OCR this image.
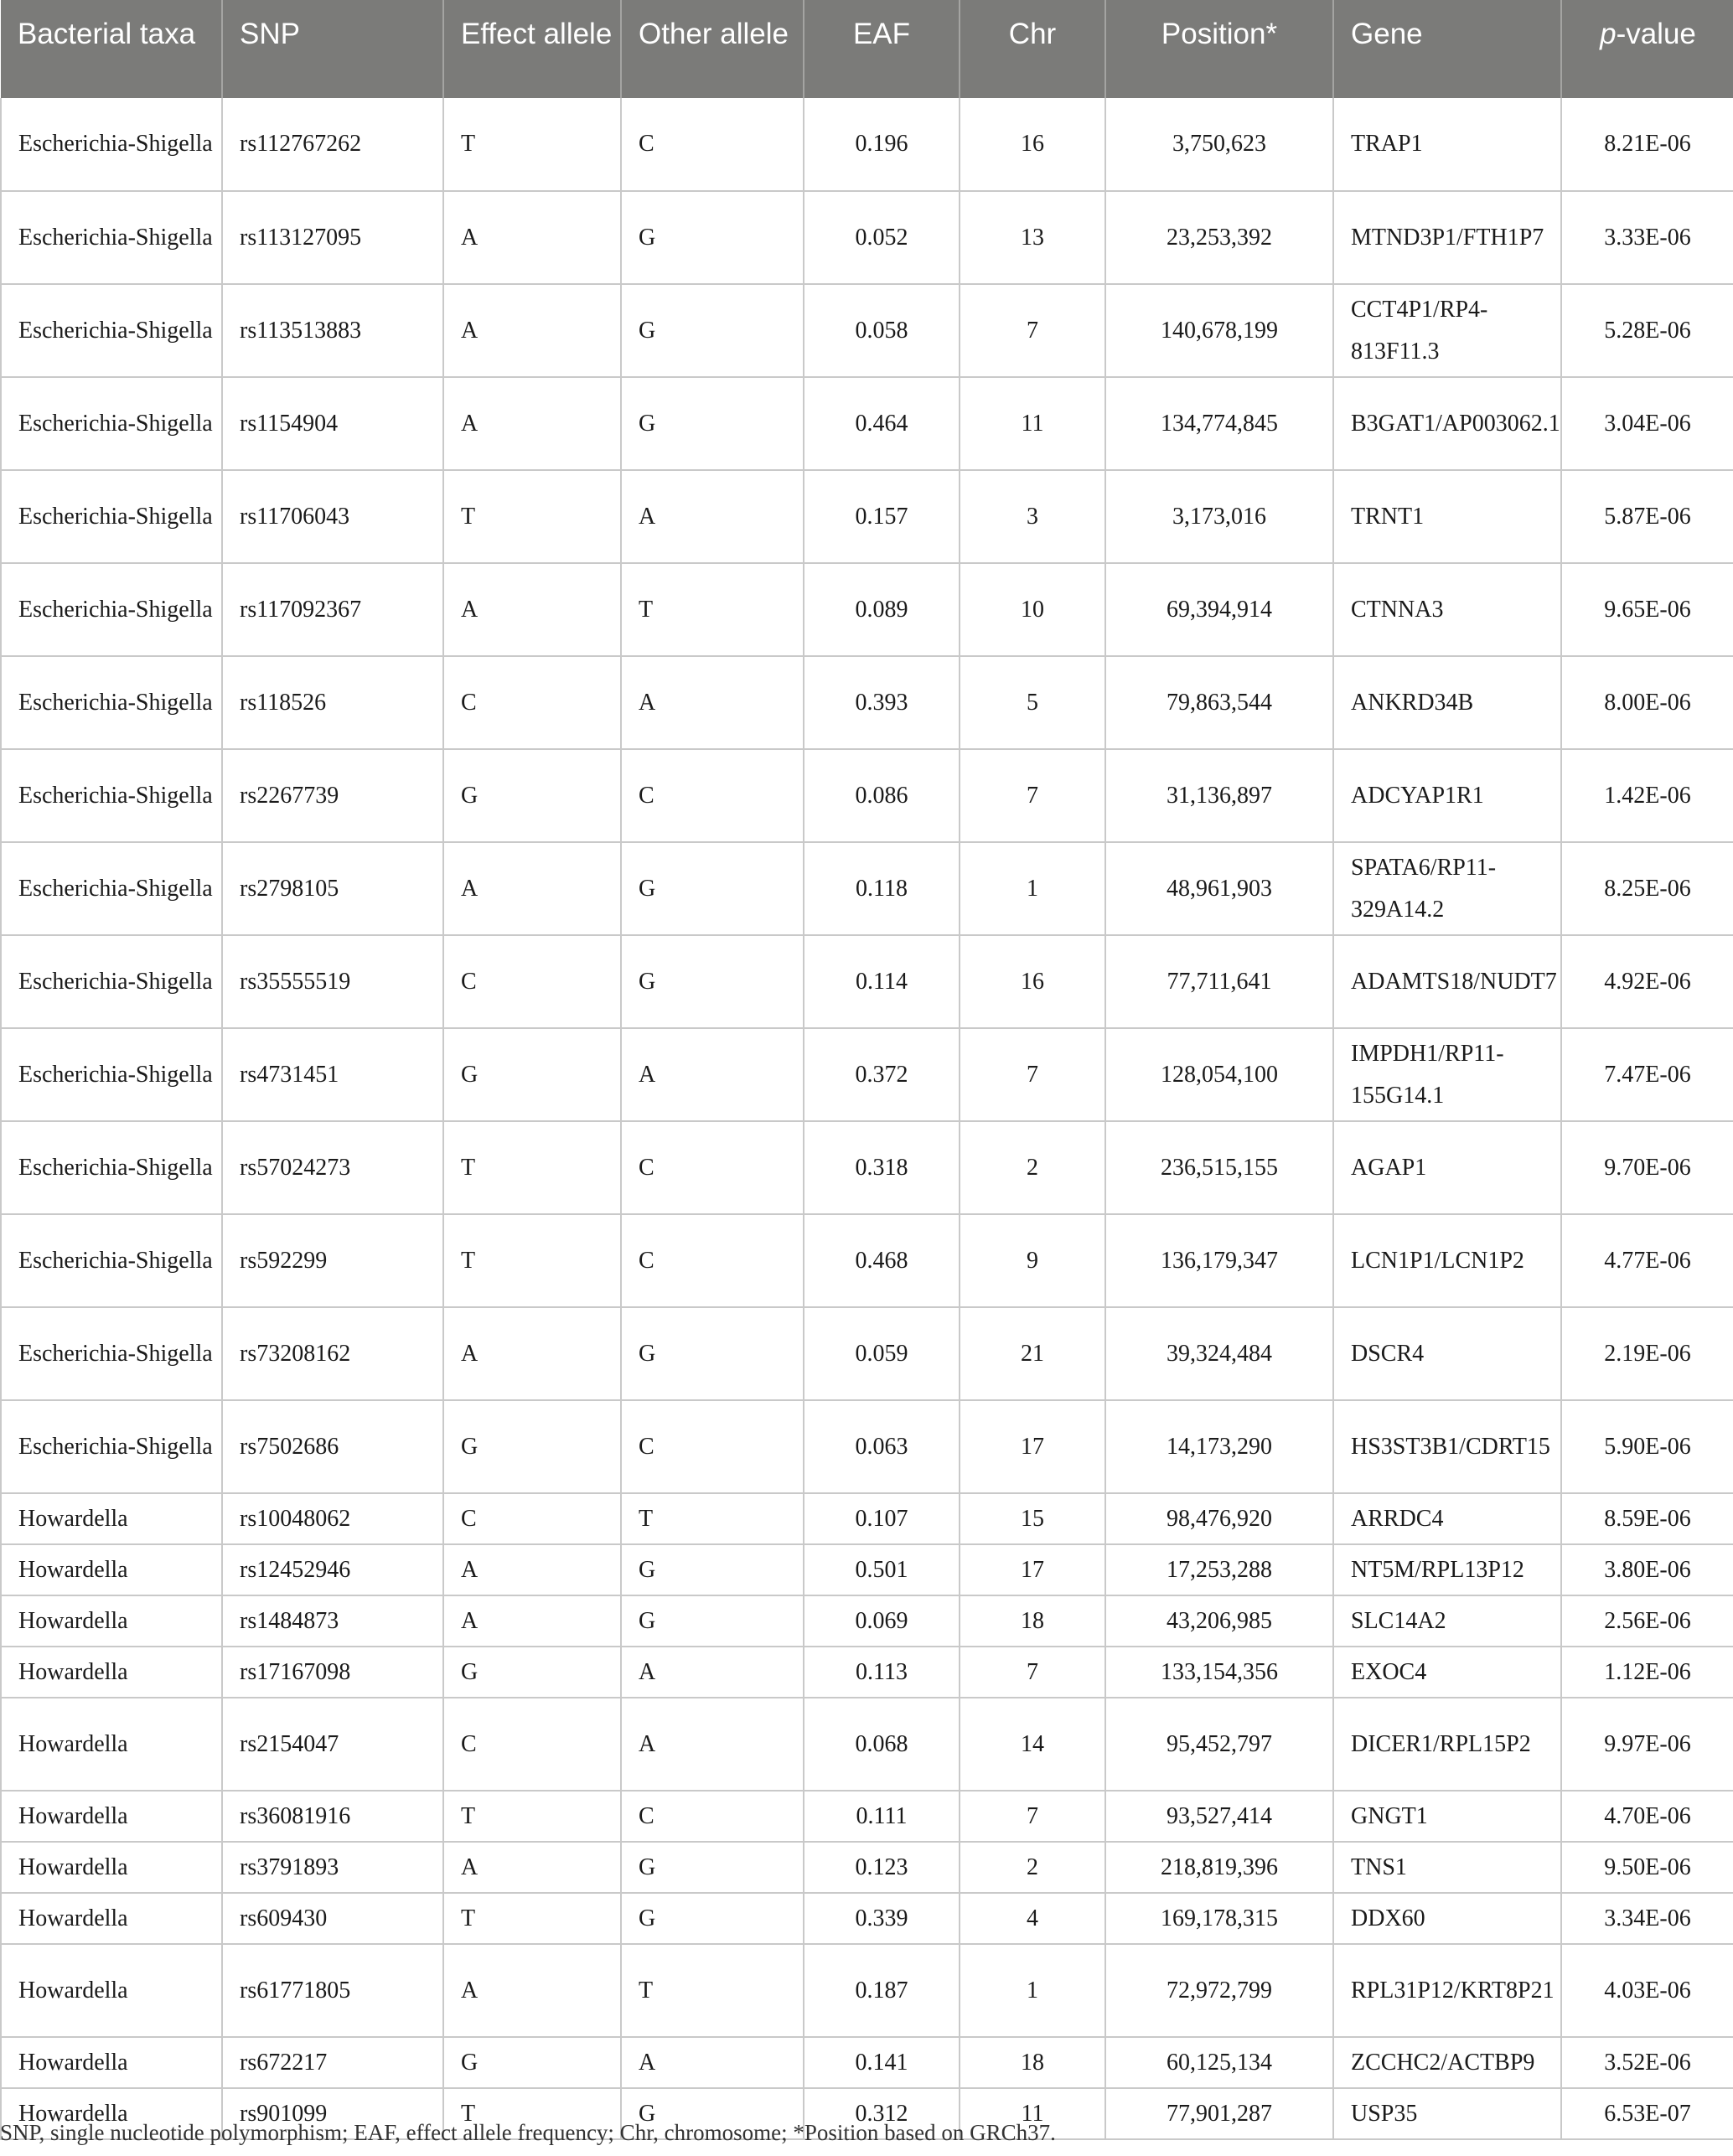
Bacterial taxa	SNP	Effect allele	Other allele	EAF	Chr	Position*	Gene	p-value
Escherichia-Shigella	rs112767262	T	C	0.196	16	3,750,623	TRAP1	8.21E-06
Escherichia-Shigella	rs113127095	A	G	0.052	13	23,253,392	MTND3P1/FTH1P7	3.33E-06
Escherichia-Shigella	rs113513883	A	G	0.058	7	140,678,199	CCT4P1/RP4-813F11.3	5.28E-06
Escherichia-Shigella	rs1154904	A	G	0.464	11	134,774,845	B3GAT1/AP003062.1	3.04E-06
Escherichia-Shigella	rs11706043	T	A	0.157	3	3,173,016	TRNT1	5.87E-06
Escherichia-Shigella	rs117092367	A	T	0.089	10	69,394,914	CTNNA3	9.65E-06
Escherichia-Shigella	rs118526	C	A	0.393	5	79,863,544	ANKRD34B	8.00E-06
Escherichia-Shigella	rs2267739	G	C	0.086	7	31,136,897	ADCYAP1R1	1.42E-06
Escherichia-Shigella	rs2798105	A	G	0.118	1	48,961,903	SPATA6/RP11-329A14.2	8.25E-06
Escherichia-Shigella	rs35555519	C	G	0.114	16	77,711,641	ADAMTS18/NUDT7	4.92E-06
Escherichia-Shigella	rs4731451	G	A	0.372	7	128,054,100	IMPDH1/RP11-155G14.1	7.47E-06
Escherichia-Shigella	rs57024273	T	C	0.318	2	236,515,155	AGAP1	9.70E-06
Escherichia-Shigella	rs592299	T	C	0.468	9	136,179,347	LCN1P1/LCN1P2	4.77E-06
Escherichia-Shigella	rs73208162	A	G	0.059	21	39,324,484	DSCR4	2.19E-06
Escherichia-Shigella	rs7502686	G	C	0.063	17	14,173,290	HS3ST3B1/CDRT15	5.90E-06
Howardella	rs10048062	C	T	0.107	15	98,476,920	ARRDC4	8.59E-06
Howardella	rs12452946	A	G	0.501	17	17,253,288	NT5M/RPL13P12	3.80E-06
Howardella	rs1484873	A	G	0.069	18	43,206,985	SLC14A2	2.56E-06
Howardella	rs17167098	G	A	0.113	7	133,154,356	EXOC4	1.12E-06
Howardella	rs2154047	C	A	0.068	14	95,452,797	DICER1/RPL15P2	9.97E-06
Howardella	rs36081916	T	C	0.111	7	93,527,414	GNGT1	4.70E-06
Howardella	rs3791893	A	G	0.123	2	218,819,396	TNS1	9.50E-06
Howardella	rs609430	T	G	0.339	4	169,178,315	DDX60	3.34E-06
Howardella	rs61771805	A	T	0.187	1	72,972,799	RPL31P12/KRT8P21	4.03E-06
Howardella	rs672217	G	A	0.141	18	60,125,134	ZCCHC2/ACTBP9	3.52E-06
Howardella	rs901099	T	G	0.312	11	77,901,287	USP35	6.53E-07
SNP, single nucleotide polymorphism; EAF, effect allele frequency; Chr, chromosome; *Position based on GRCh37.
